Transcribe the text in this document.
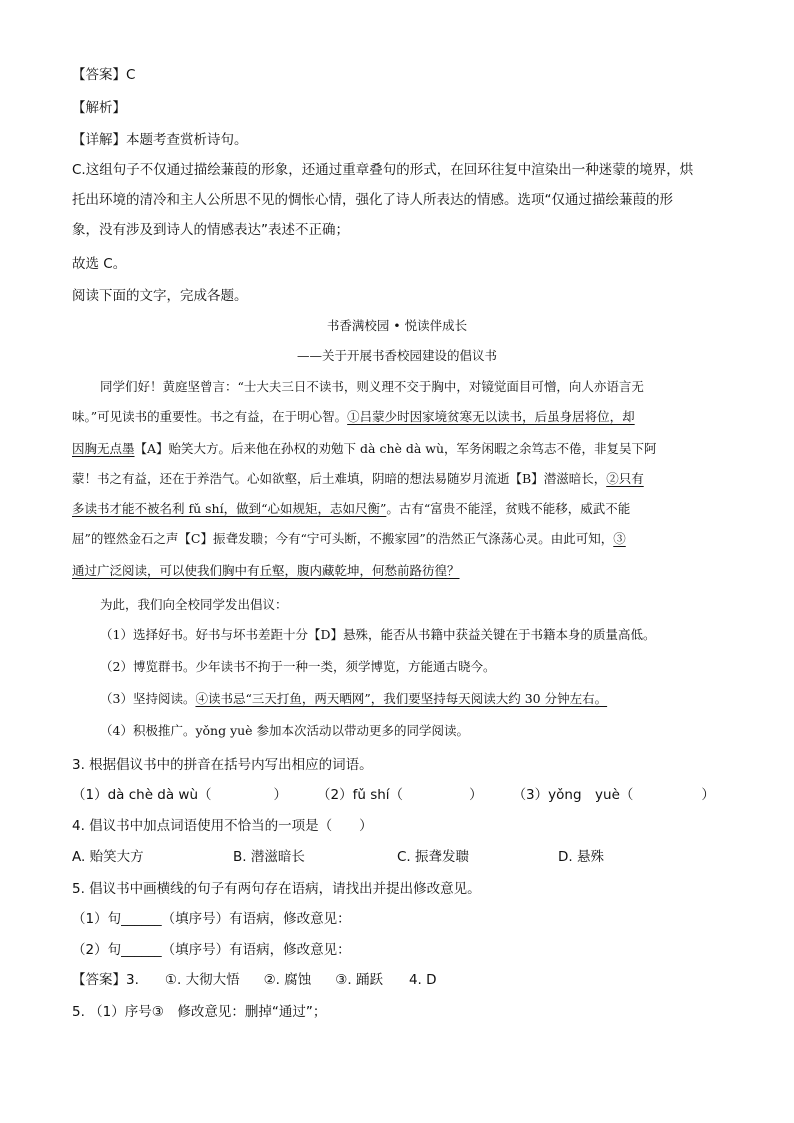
【答案】C
【解析】
【详解】本题考查赏析诗句。
C.这组句子不仅通过描绘蒹葭的形象，还通过重章叠句的形式，在回环往复中渲染出一种迷蒙的境界，烘
托出环境的清冷和主人公所思不见的惆怅心情，强化了诗人所表达的情感。选项“仅通过描绘蒹葭的形
象，没有涉及到诗人的情感表达”表述不正确；
故选 C。
阅读下面的文字，完成各题。
书香满校园 • 悦读伴成长
——关于开展书香校园建设的倡议书
同学们好！黄庭坚曾言：“士大夫三日不读书，则义理不交于胸中，对镜觉面目可憎，向人亦语言无
味。”可见读书的重要性。书之有益，在于明心智。①吕蒙少时因家境贫寒无以读书，后虽身居将位，却
因胸无点墨【A】贻笑大方。后来他在孙权的劝勉下 dà chè dà wù，军务闲暇之余笃志不倦，非复吴下阿
蒙！书之有益，还在于养浩气。心如欲壑，后土难填，阴暗的想法易随岁月流逝【B】潜滋暗长，②只有
多读书才能不被名利 fǔ shí，做到“心如规矩，志如尺衡”。古有“富贵不能淫，贫贱不能移，威武不能
屈”的铿然金石之声【C】振聋发聩；今有“宁可头断，不搬家园”的浩然正气涤荡心灵。由此可知，③
通过广泛阅读，可以使我们胸中有丘壑，腹内藏乾坤，何愁前路彷徨？
为此，我们向全校同学发出倡议：
（1）选择好书。好书与坏书差距十分【D】悬殊，能否从书籍中获益关键在于书籍本身的质量高低。
（2）博览群书。少年读书不拘于一种一类，须学博览，方能通古晓今。
（3）坚持阅读。④读书忌“三天打鱼，两天晒网”，我们要坚持每天阅读大约 30 分钟左右。
（4）积极推广。yǒng yuè 参加本次活动以带动更多的同学阅读。
3. 根据倡议书中的拼音在括号内写出相应的词语。
（1）dà chè dà wù（	） （2）fǔ shí（	） （3）yǒng　yuè（	）
4. 倡议书中加点词语使用不恰当的一项是（　　）
A. 贻笑大方	B. 潜滋暗长	C. 振聋发聩	D. 悬殊
5. 倡议书中画横线的句子有两句存在语病，请找出并提出修改意见。
（1）句______（填序号）有语病，修改意见：
（2）句______（填序号）有语病，修改意见：
【答案】3. ①. 大彻大悟 ②. 腐蚀 ③. 踊跃 4. D
5. （1）序号③　修改意见：删掉“通过”；
